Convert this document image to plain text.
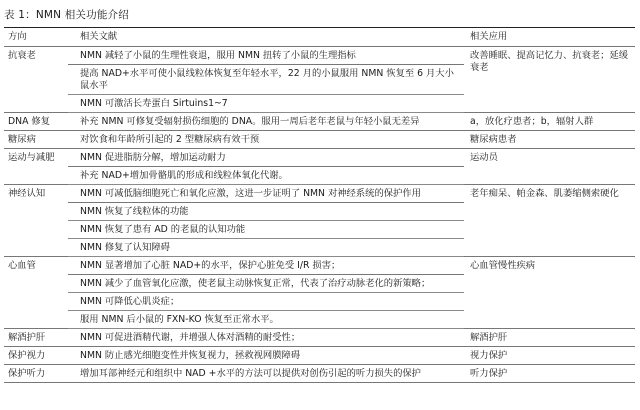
表 1：NMN 相关功能介绍
方向	相关文献	相关应用
抗衰老	NMN 减轻了小鼠的生理性衰退，服用 NMN 扭转了小鼠的生理指标	改善睡眠、提高记忆力、抗衰老；延缓衰老
	提高 NAD+水平可使小鼠线粒体恢复至年轻水平，22 月的小鼠服用 NMN 恢复至 6 月大小鼠水平	
	NMN 可激活长寿蛋白 Sirtuins1~7	
DNA 修复	补充 NMN 可修复受辐射损伤细胞的 DNA。服用一周后老年老鼠与年轻小鼠无差异	a，放化疗患者；b，辐射人群
糖尿病	对饮食和年龄所引起的 2 型糖尿病有效干预	糖尿病患者
运动与减肥	NMN 促进脂肪分解，增加运动耐力	运动员
	补充 NAD+增加骨骼肌的形成和线粒体氧化代谢。	
神经认知	NMN 可减低脑细胞死亡和氧化应激，这进一步证明了 NMN 对神经系统的保护作用	老年痴呆、帕金森、肌萎缩侧索硬化
	NMN 恢复了线粒体的功能	
	NMN 恢复了患有 AD 的老鼠的认知功能	
	NMN 修复了认知障碍	
心血管	NMN 显著增加了心脏 NAD+的水平，保护心脏免受 I/R 损害；	心血管慢性疾病
	NMN 减少了血管氧化应激，使老鼠主动脉恢复正常，代表了治疗动脉老化的新策略；	
	NMN 可降低心肌炎症；	
	服用 NMN 后小鼠的 FXN-KO 恢复至正常水平。	
解酒护肝	NMN 可促进酒精代谢，并增强人体对酒精的耐受性；	解酒护肝
保护视力	NMN 防止感光细胞变性并恢复视力，拯救视网膜障碍	视力保护
保护听力	增加耳部神经元和组织中 NAD +水平的方法可以提供对创伤引起的听力损失的保护	听力保护
